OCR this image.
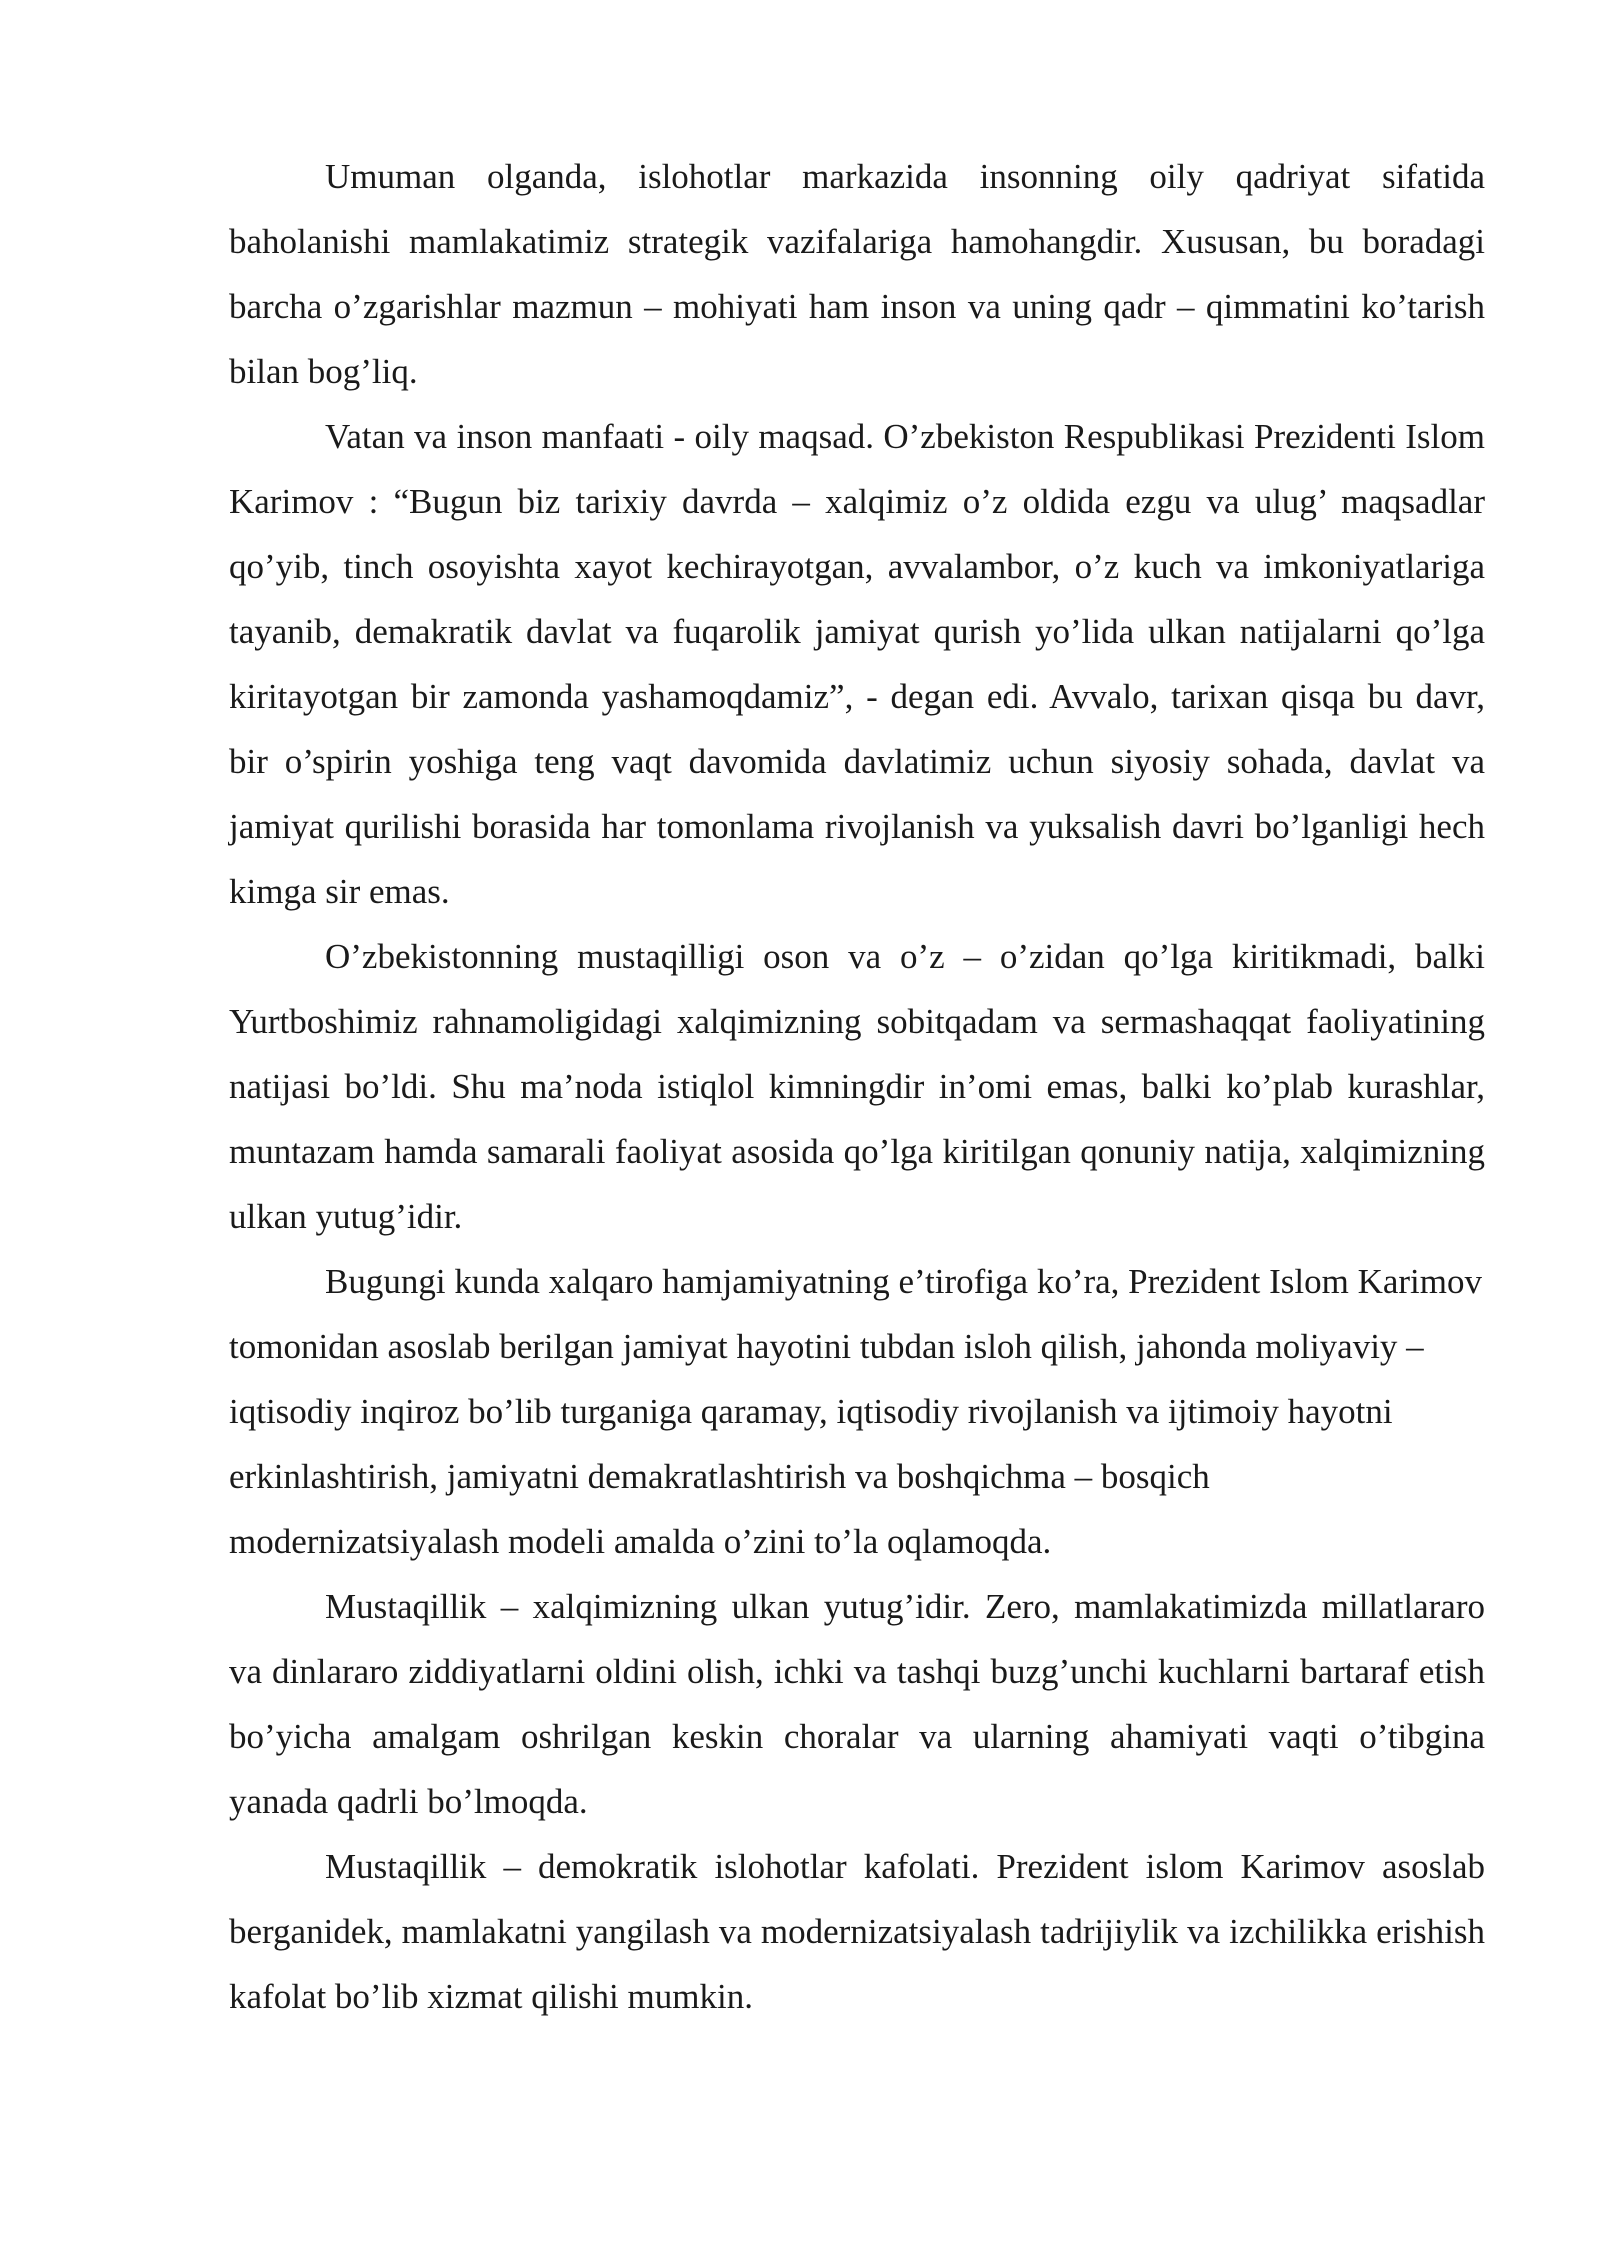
Umuman olganda, islohotlar markazida insonning oily qadriyat sifatida baholanishi mamlakatimiz strategik vazifalariga hamohangdir. Xususan, bu boradagi barcha o’zgarishlar mazmun – mohiyati ham inson va uning qadr – qimmatini ko’tarish bilan bog’liq.

Vatan va inson manfaati - oily maqsad. O’zbekiston Respublikasi Prezidenti Islom Karimov : “Bugun biz tarixiy davrda – xalqimiz o’z oldida ezgu va ulug’ maqsadlar qo’yib, tinch osoyishta xayot kechirayotgan, avvalambor, o’z kuch va imkoniyatlariga tayanib, demakratik davlat va fuqarolik jamiyat qurish yo’lida ulkan natijalarni qo’lga kiritayotgan bir zamonda yashamoqdamiz”, - degan edi. Avvalo, tarixan qisqa bu davr, bir o’spirin yoshiga teng vaqt davomida davlatimiz uchun siyosiy sohada, davlat va jamiyat qurilishi borasida har tomonlama rivojlanish va yuksalish davri bo’lganligi hech kimga sir emas.

O’zbekistonning mustaqilligi oson va o’z – o’zidan qo’lga kiritikmadi, balki Yurtboshimiz rahnamoligidagi xalqimizning sobitqadam va sermashaqqat faoliyatining natijasi bo’ldi. Shu ma’noda istiqlol kimningdir in’omi emas, balki ko’plab kurashlar, muntazam hamda samarali faoliyat asosida qo’lga kiritilgan qonuniy natija, xalqimizning ulkan yutug’idir.

Bugungi kunda xalqaro hamjamiyatning e’tirofiga ko’ra, Prezident Islom Karimov tomonidan asoslab berilgan jamiyat hayotini tubdan isloh qilish, jahonda moliyaviy – iqtisodiy inqiroz bo’lib turganiga qaramay, iqtisodiy rivojlanish va ijtimoiy hayotni erkinlashtirish, jamiyatni demakratlashtirish va boshqichma – bosqich modernizatsiyalash modeli amalda o’zini to’la oqlamoqda.

Mustaqillik – xalqimizning ulkan yutug’idir. Zero, mamlakatimizda millatlararo va dinlararo ziddiyatlarni oldini olish, ichki va tashqi buzg’unchi kuchlarni bartaraf etish bo’yicha amalgam oshrilgan keskin choralar va ularning ahamiyati vaqti o’tibgina yanada qadrli bo’lmoqda.

Mustaqillik – demokratik islohotlar kafolati. Prezident islom Karimov asoslab berganidek, mamlakatni yangilash va modernizatsiyalash tadrijiylik va izchilikka erishish kafolat bo’lib xizmat qilishi mumkin.
